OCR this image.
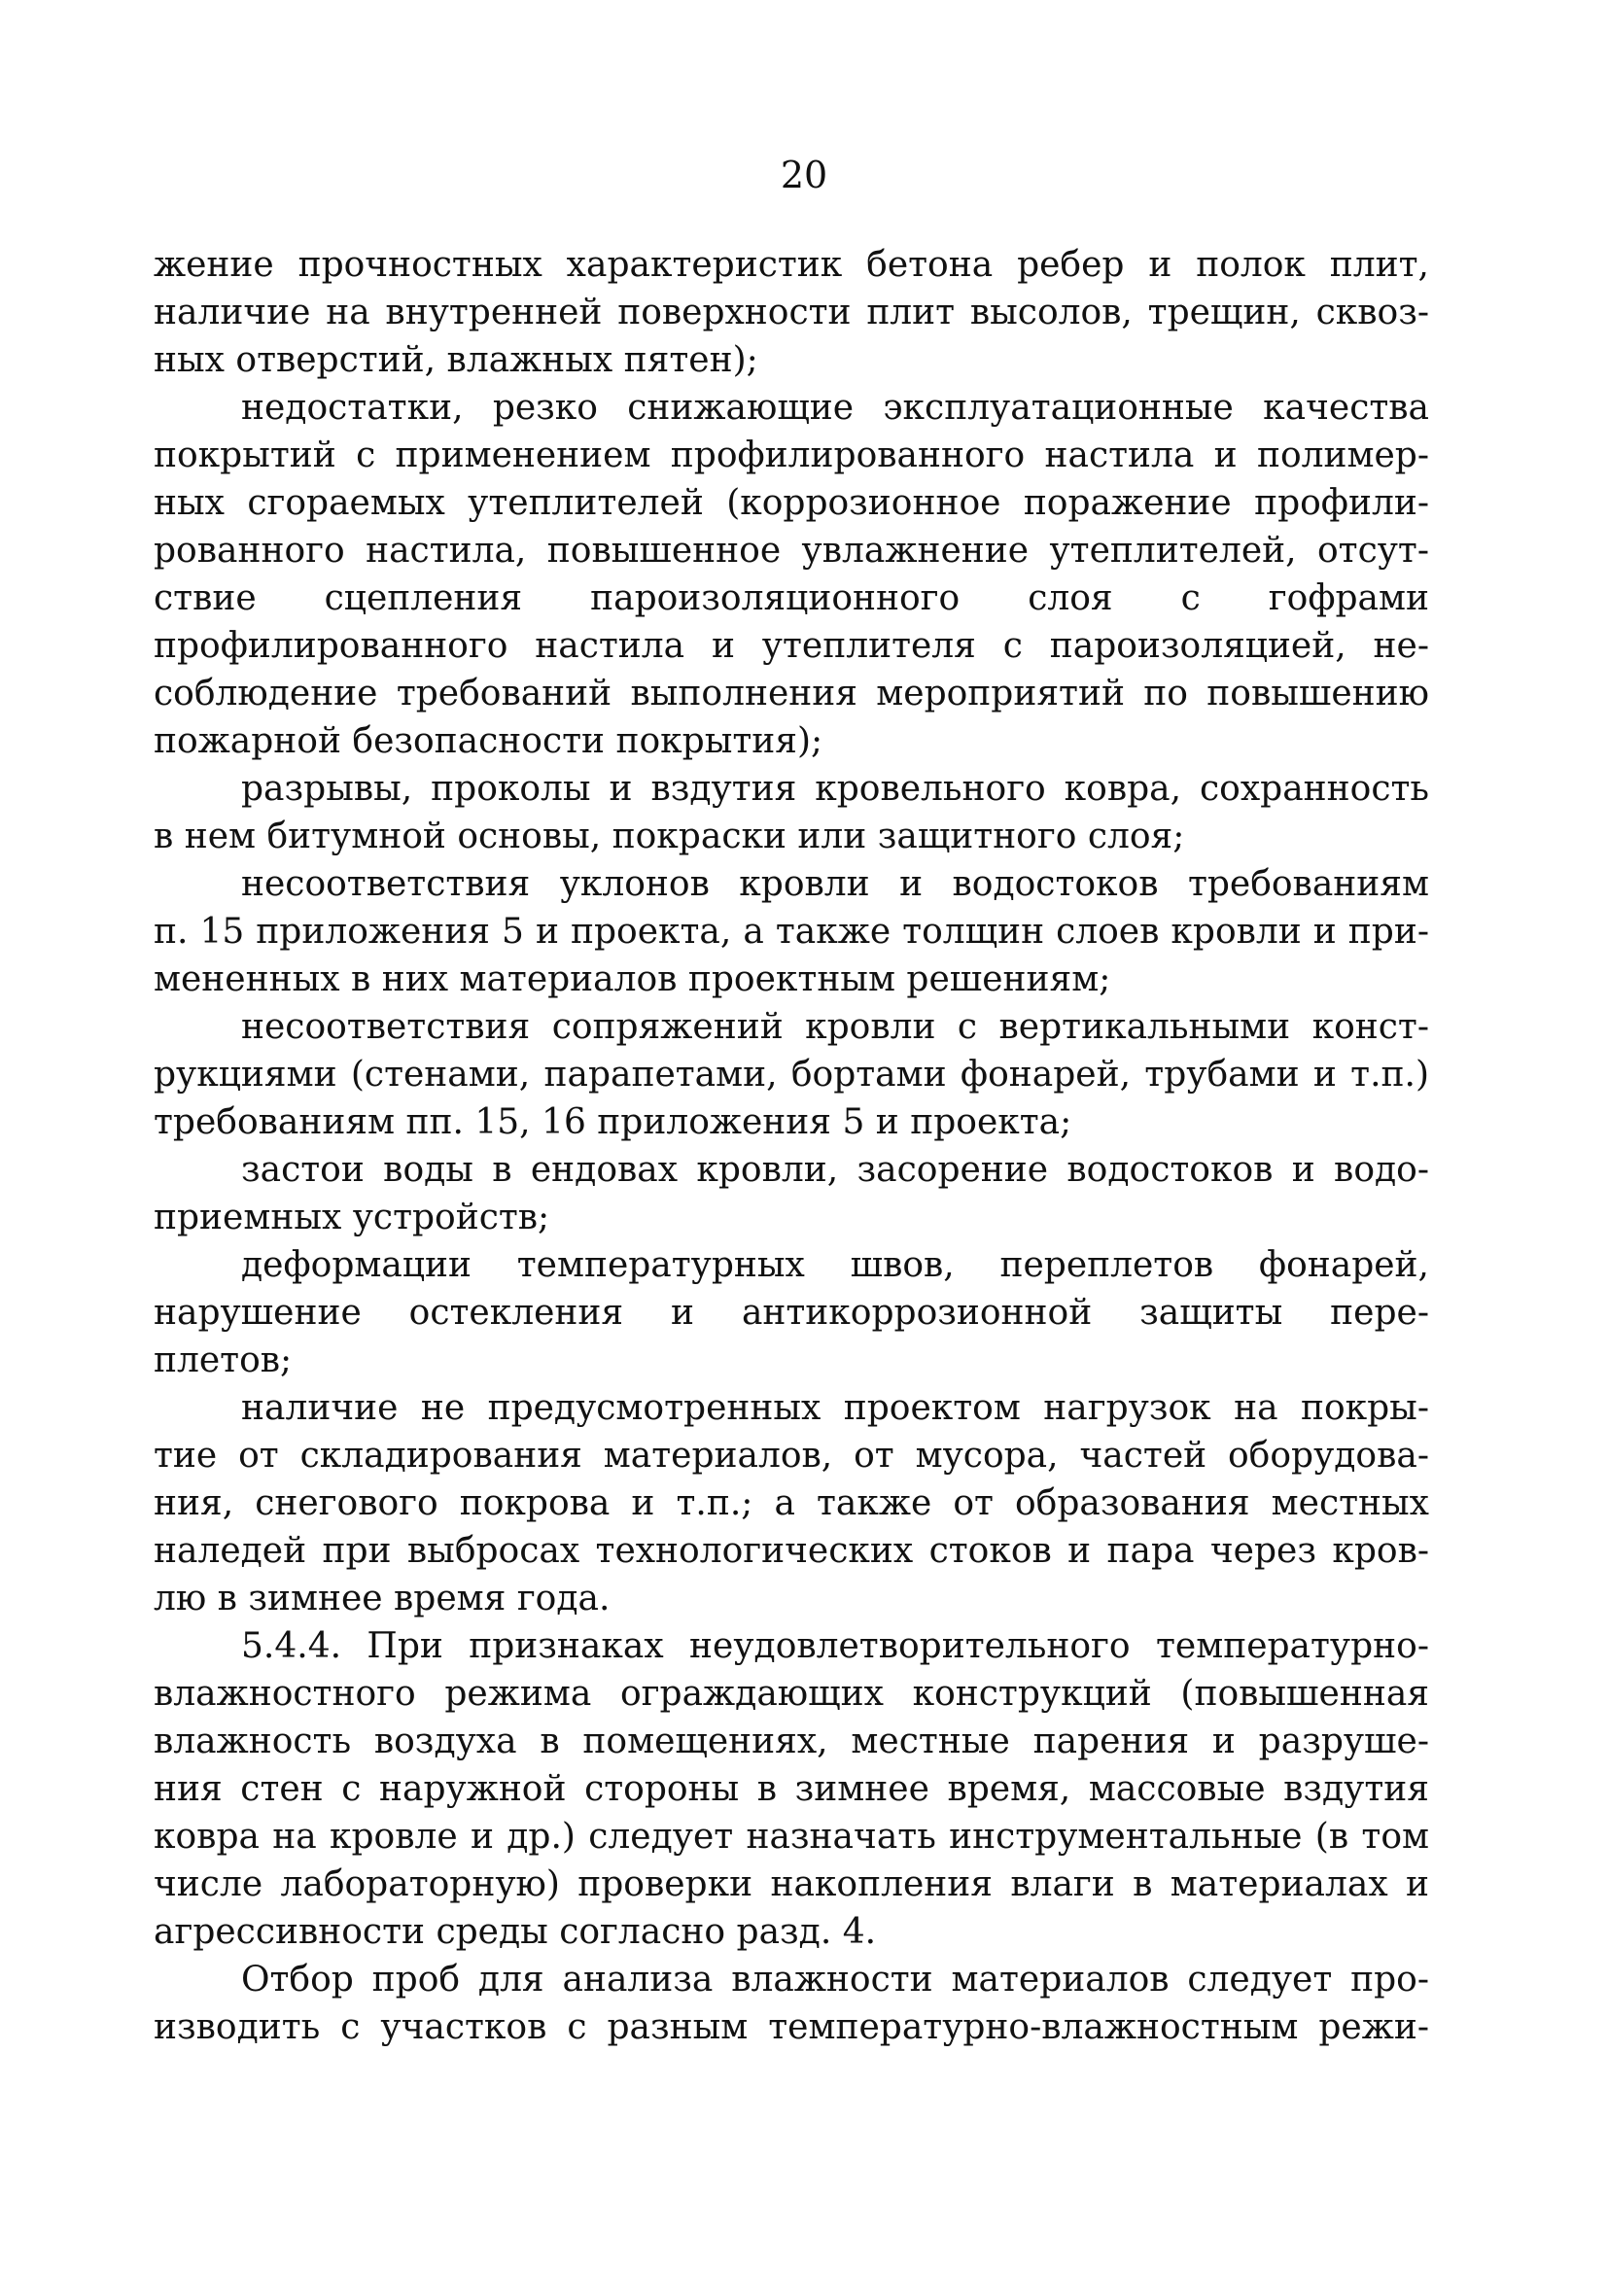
20
жение прочностных характеристик бетона ребер и полок плит,
наличие на внутренней поверхности плит высолов, трещин, сквоз-
ных отверстий, влажных пятен);
недостатки, резко снижающие эксплуатационные качества
покрытий с применением профилированного настила и полимер-
ных сгораемых утеплителей (коррозионное поражение профили-
рованного настила, повышенное увлажнение утеплителей, отсут-
ствие сцепления пароизоляционного слоя с гофрами
профилированного настила и утеплителя с пароизоляцией, не-
соблюдение требований выполнения мероприятий по повышению
пожарной безопасности покрытия);
разрывы, проколы и вздутия кровельного ковра, сохранность
в нем битумной основы, покраски или защитного слоя;
несоответствия уклонов кровли и водостоков требованиям
п. 15 приложения 5 и проекта, а также толщин слоев кровли и при-
мененных в них материалов проектным решениям;
несоответствия сопряжений кровли с вертикальными конст-
рукциями (стенами, парапетами, бортами фонарей, трубами и т.п.)
требованиям пп. 15, 16 приложения 5 и проекта;
застои воды в ендовах кровли, засорение водостоков и водо-
приемных устройств;
деформации температурных швов, переплетов фонарей,
нарушение остекления и антикоррозионной защиты пере-
плетов;
наличие не предусмотренных проектом нагрузок на покры-
тие от складирования материалов, от мусора, частей оборудова-
ния, снегового покрова и т.п.; а также от образования местных
наледей при выбросах технологических стоков и пара через кров-
лю в зимнее время года.
5.4.4. При признаках неудовлетворительного температурно-
влажностного режима ограждающих конструкций (повышенная
влажность воздуха в помещениях, местные парения и разруше-
ния стен с наружной стороны в зимнее время, массовые вздутия
ковра на кровле и др.) следует назначать инструментальные (в том
числе лабораторную) проверки накопления влаги в материалах и
агрессивности среды согласно разд. 4.
Отбор проб для анализа влажности материалов следует про-
изводить с участков с разным температурно-влажностным режи-
